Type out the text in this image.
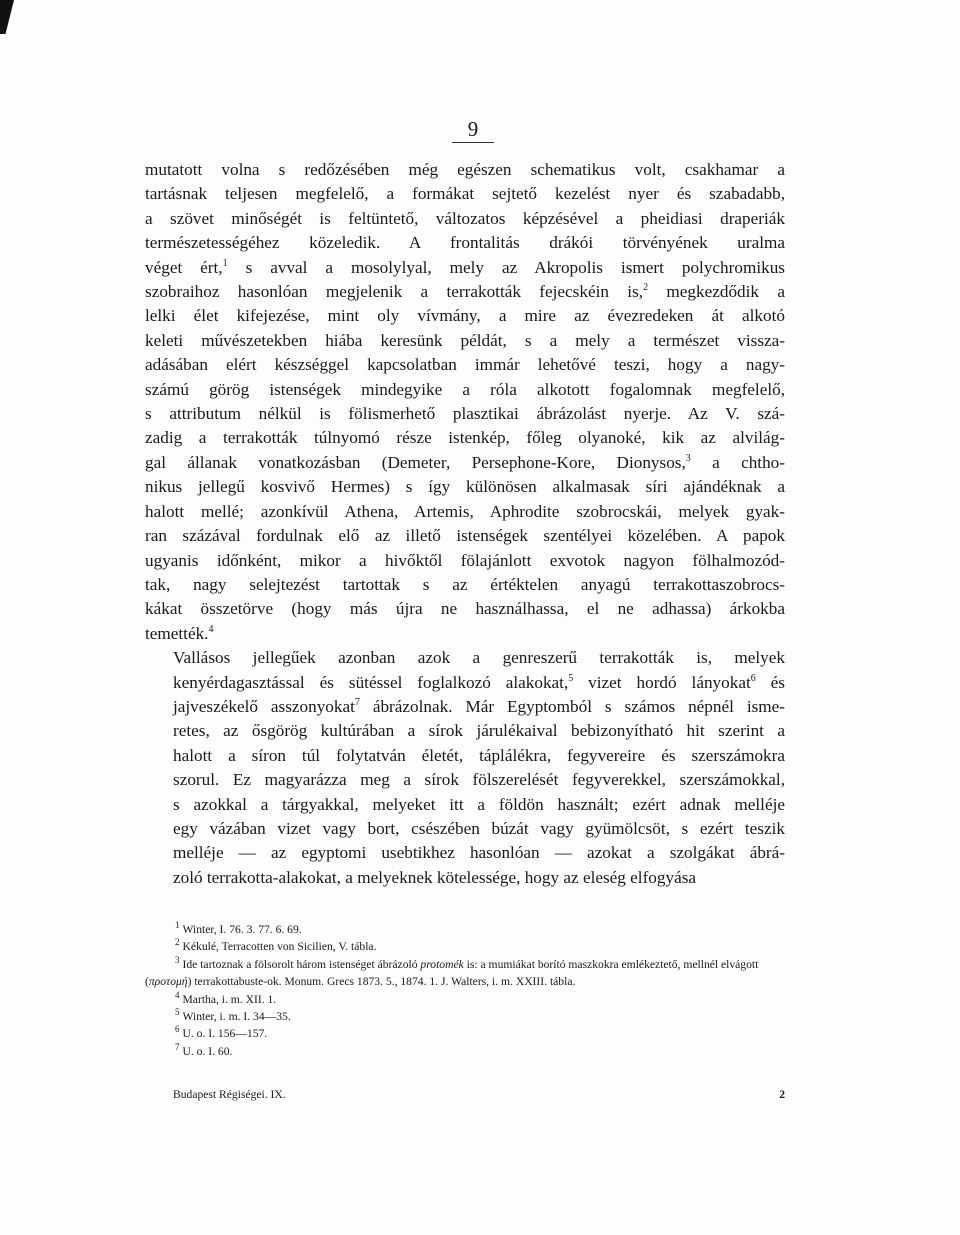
9

mutatott volna s redőzésében még egészen schematikus volt, csakhamar a
tartásnak teljesen megfelelő, a formákat sejtető kezelést nyer és szabadabb,
a szövet minőségét is feltüntető, változatos képzésével a pheidiasi draperiák
természetességéhez közeledik. A frontalitás drákói törvényének uralma
véget ért,$^1$ s avval a mosolylyal, mely az Akropolis ismert polychromikus
szobraihoz hasonlóan megjelenik a terrakották fejecskéin is,$^2$ megkezdődik a
lelki élet kifejezése, mint oly vívmány, a mire az évezredeken át alkotó
keleti művészetekben hiába keresünk példát, s a mely a természet vissza-
adásában elért készséggel kapcsolatban immár lehetővé teszi, hogy a nagy-
számú görög istenségek mindegyike a róla alkotott fogalomnak megfelelő,
s attributum nélkül is fölismerhető plasztikai ábrázolást nyerje. Az V. szá-
zadig a terrakották túlnyomó része istenkép, főleg olyanoké, kik az alvilág-
gal állanak vonatkozásban (Demeter, Persephone-Kore, Dionysos,$^3$ a chtho-
nikus jellegű kosvivő Hermes) s így különösen alkalmasak síri ajándéknak a
halott mellé; azonkívül Athena, Artemis, Aphrodite szobrocskái, melyek gyak-
ran százával fordulnak elő az illető istenségek szentélyei közelében. A papok
ugyanis időnként, mikor a hivőktől fölajánlott exvotok nagyon fölhalmozód-
tak, nagy selejtezést tartottak s az értéktelen anyagú terrakottaszobrocs-
kákat összetörve (hogy más újra ne használhassa, el ne adhassa) árkokba
temették.$^4$

Vallásos jellegűek azonban azok a genreszerű terrakották is, melyek
kenyérdagasztással és sütéssel foglalkozó alakokat,$^5$ vizet hordó lányokat$^6$ és
jajveszékelő asszonyokat$^7$ ábrázolnak. Már Egyptomból s számos népnél isme-
retes, az ősgörög kultúrában a sírok járulékaival bebizonyítható hit szerint a
halott a síron túl folytatván életét, táplálékra, fegyvereire és szerszámokra
szorul. Ez magyarázza meg a sírok fölszerelését fegyverekkel, szerszámokkal,
s azokkal a tárgyakkal, melyeket itt a földön használt; ezért adnak melléje
egy vázában vizet vagy bort, csészében búzát vagy gyümölcsöt, s ezért teszik
melléje — az egyptomi usebtikhez hasonlóan — azokat a szolgákat ábrá-
zoló terrakotta-alakokat, a melyeknek kötelessége, hogy az eleség elfogyása

$^1$ Winter, I. 76. 3. 77. 6. 69.

$^2$ Kékulé, Terracotten von Sicilien, V. tábla.

$^3$ Ide tartoznak a fölsorolt három istenséget ábrázoló protomék is: a mumiákat borító maszkokra emlékeztető, mellnél elvágott (προτομή) terrakottabuste-ok. Monum. Grecs 1873. 5., 1874. 1. J. Walters, i. m. XXIII. tábla.

$^4$ Martha, i. m. XII. 1.

$^5$ Winter, i. m. I. 34—35.

$^6$ U. o. I. 156—157.

$^7$ U. o. I. 60.

Budapest Régiségei. IX.	2
